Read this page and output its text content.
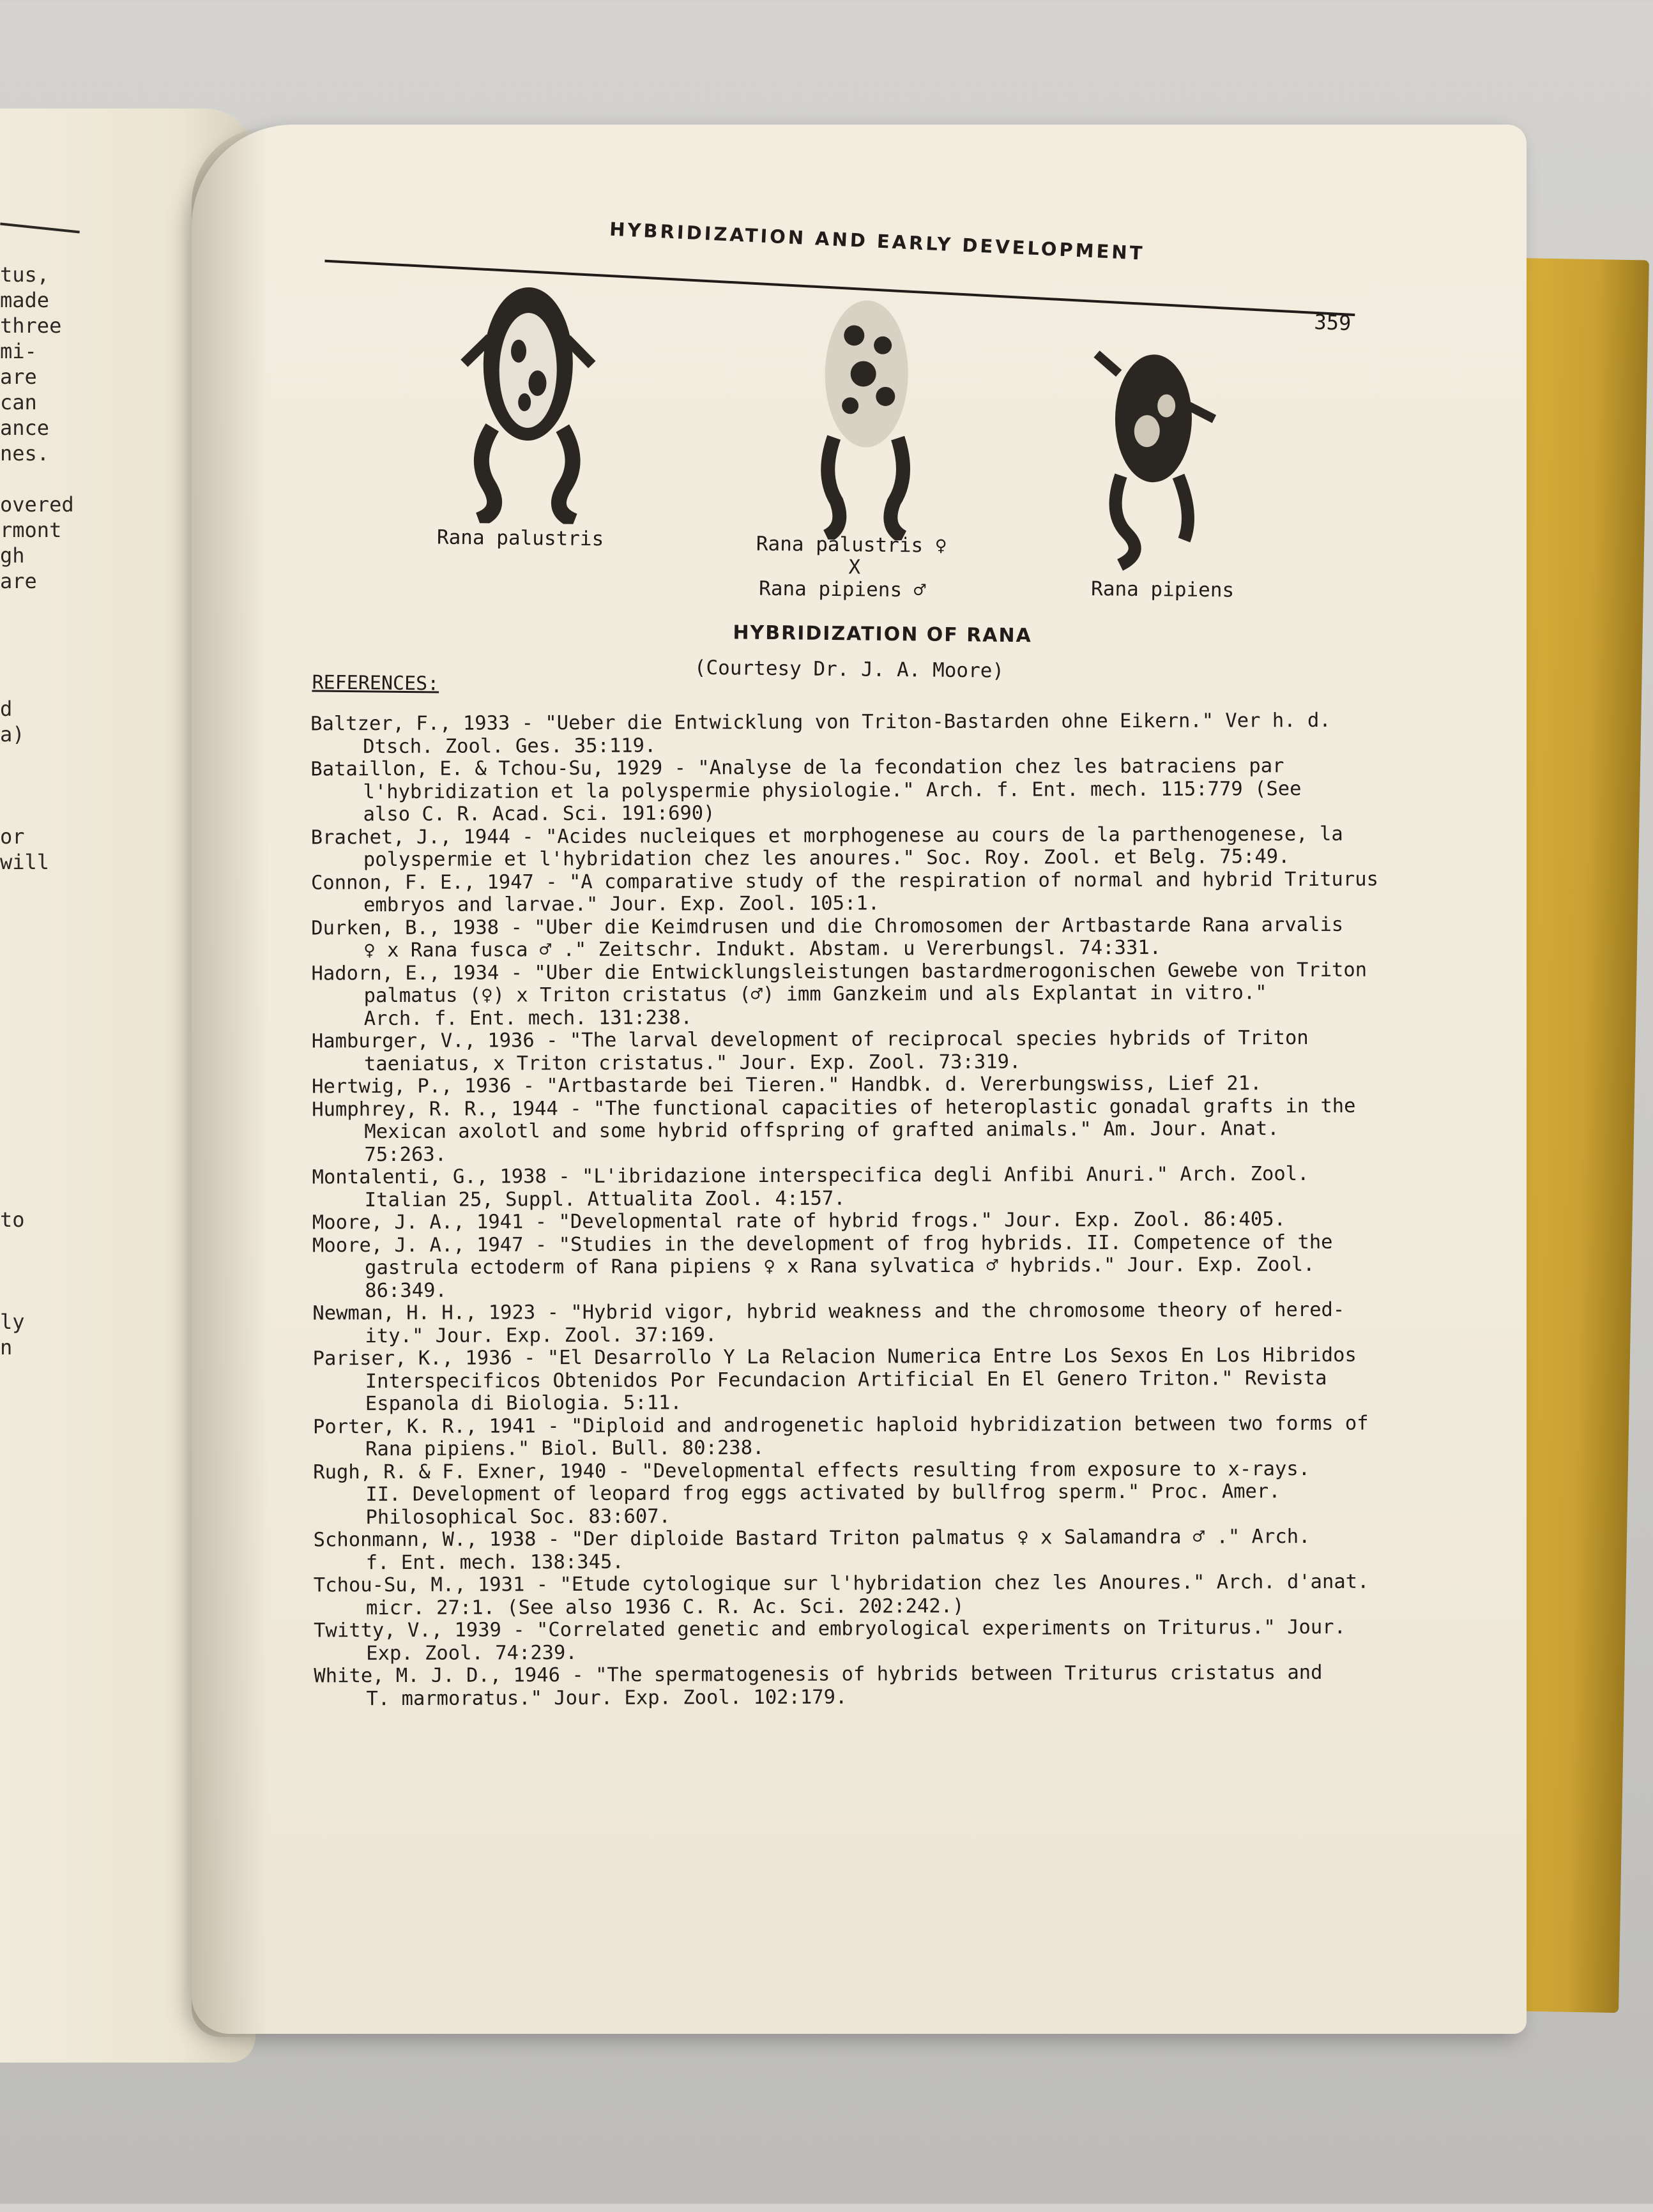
tus,
made
three
mi-
are
can
ance
nes.

overed
rmont
gh
are

d
a)

or
will

to

ly
n
HYBRIDIZATION AND EARLY DEVELOPMENT
359
Rana palustris	Rana palustris ♀
X
Rana pipiens ♂	Rana pipiens
HYBRIDIZATION OF RANA
(Courtesy Dr. J. A. Moore)
REFERENCES:
Baltzer, F., 1933 - "Ueber die Entwicklung von Triton-Bastarden ohne Eikern." Ver h. d.
Dtsch. Zool. Ges. 35:119.
Bataillon, E. & Tchou-Su, 1929 - "Analyse de la fecondation chez les batraciens par
l'hybridization et la polyspermie physiologie." Arch. f. Ent. mech. 115:779 (See
also C. R. Acad. Sci. 191:690)
Brachet, J., 1944 - "Acides nucleiques et morphogenese au cours de la parthenogenese, la
polyspermie et l'hybridation chez les anoures." Soc. Roy. Zool. et Belg. 75:49.
Connon, F. E., 1947 - "A comparative study of the respiration of normal and hybrid Triturus
embryos and larvae." Jour. Exp. Zool. 105:1.
Durken, B., 1938 - "Uber die Keimdrusen und die Chromosomen der Artbastarde Rana arvalis
♀ x Rana fusca ♂ ." Zeitschr. Indukt. Abstam. u Vererbungsl. 74:331.
Hadorn, E., 1934 - "Uber die Entwicklungsleistungen bastardmerogonischen Gewebe von Triton
palmatus (♀) x Triton cristatus (♂) imm Ganzkeim und als Explantat in vitro."
Arch. f. Ent. mech. 131:238.
Hamburger, V., 1936 - "The larval development of reciprocal species hybrids of Triton
taeniatus, x Triton cristatus." Jour. Exp. Zool. 73:319.
Hertwig, P., 1936 - "Artbastarde bei Tieren." Handbk. d. Vererbungswiss, Lief 21.
Humphrey, R. R., 1944 - "The functional capacities of heteroplastic gonadal grafts in the
Mexican axolotl and some hybrid offspring of grafted animals." Am. Jour. Anat.
75:263.
Montalenti, G., 1938 - "L'ibridazione interspecifica degli Anfibi Anuri." Arch. Zool.
Italian 25, Suppl. Attualita Zool. 4:157.
Moore, J. A., 1941 - "Developmental rate of hybrid frogs." Jour. Exp. Zool. 86:405.
Moore, J. A., 1947 - "Studies in the development of frog hybrids. II. Competence of the
gastrula ectoderm of Rana pipiens ♀ x Rana sylvatica ♂ hybrids." Jour. Exp. Zool.
86:349.
Newman, H. H., 1923 - "Hybrid vigor, hybrid weakness and the chromosome theory of hered-
ity." Jour. Exp. Zool. 37:169.
Pariser, K., 1936 - "El Desarrollo Y La Relacion Numerica Entre Los Sexos En Los Hibridos
Interspecificos Obtenidos Por Fecundacion Artificial En El Genero Triton." Revista
Espanola di Biologia. 5:11.
Porter, K. R., 1941 - "Diploid and androgenetic haploid hybridization between two forms of
Rana pipiens." Biol. Bull. 80:238.
Rugh, R. & F. Exner, 1940 - "Developmental effects resulting from exposure to x-rays.
II. Development of leopard frog eggs activated by bullfrog sperm." Proc. Amer.
Philosophical Soc. 83:607.
Schonmann, W., 1938 - "Der diploide Bastard Triton palmatus ♀ x Salamandra ♂ ." Arch.
f. Ent. mech. 138:345.
Tchou-Su, M., 1931 - "Etude cytologique sur l'hybridation chez les Anoures." Arch. d'anat.
micr. 27:1. (See also 1936 C. R. Ac. Sci. 202:242.)
Twitty, V., 1939 - "Correlated genetic and embryological experiments on Triturus." Jour.
Exp. Zool. 74:239.
White, M. J. D., 1946 - "The spermatogenesis of hybrids between Triturus cristatus and
T. marmoratus." Jour. Exp. Zool. 102:179.
